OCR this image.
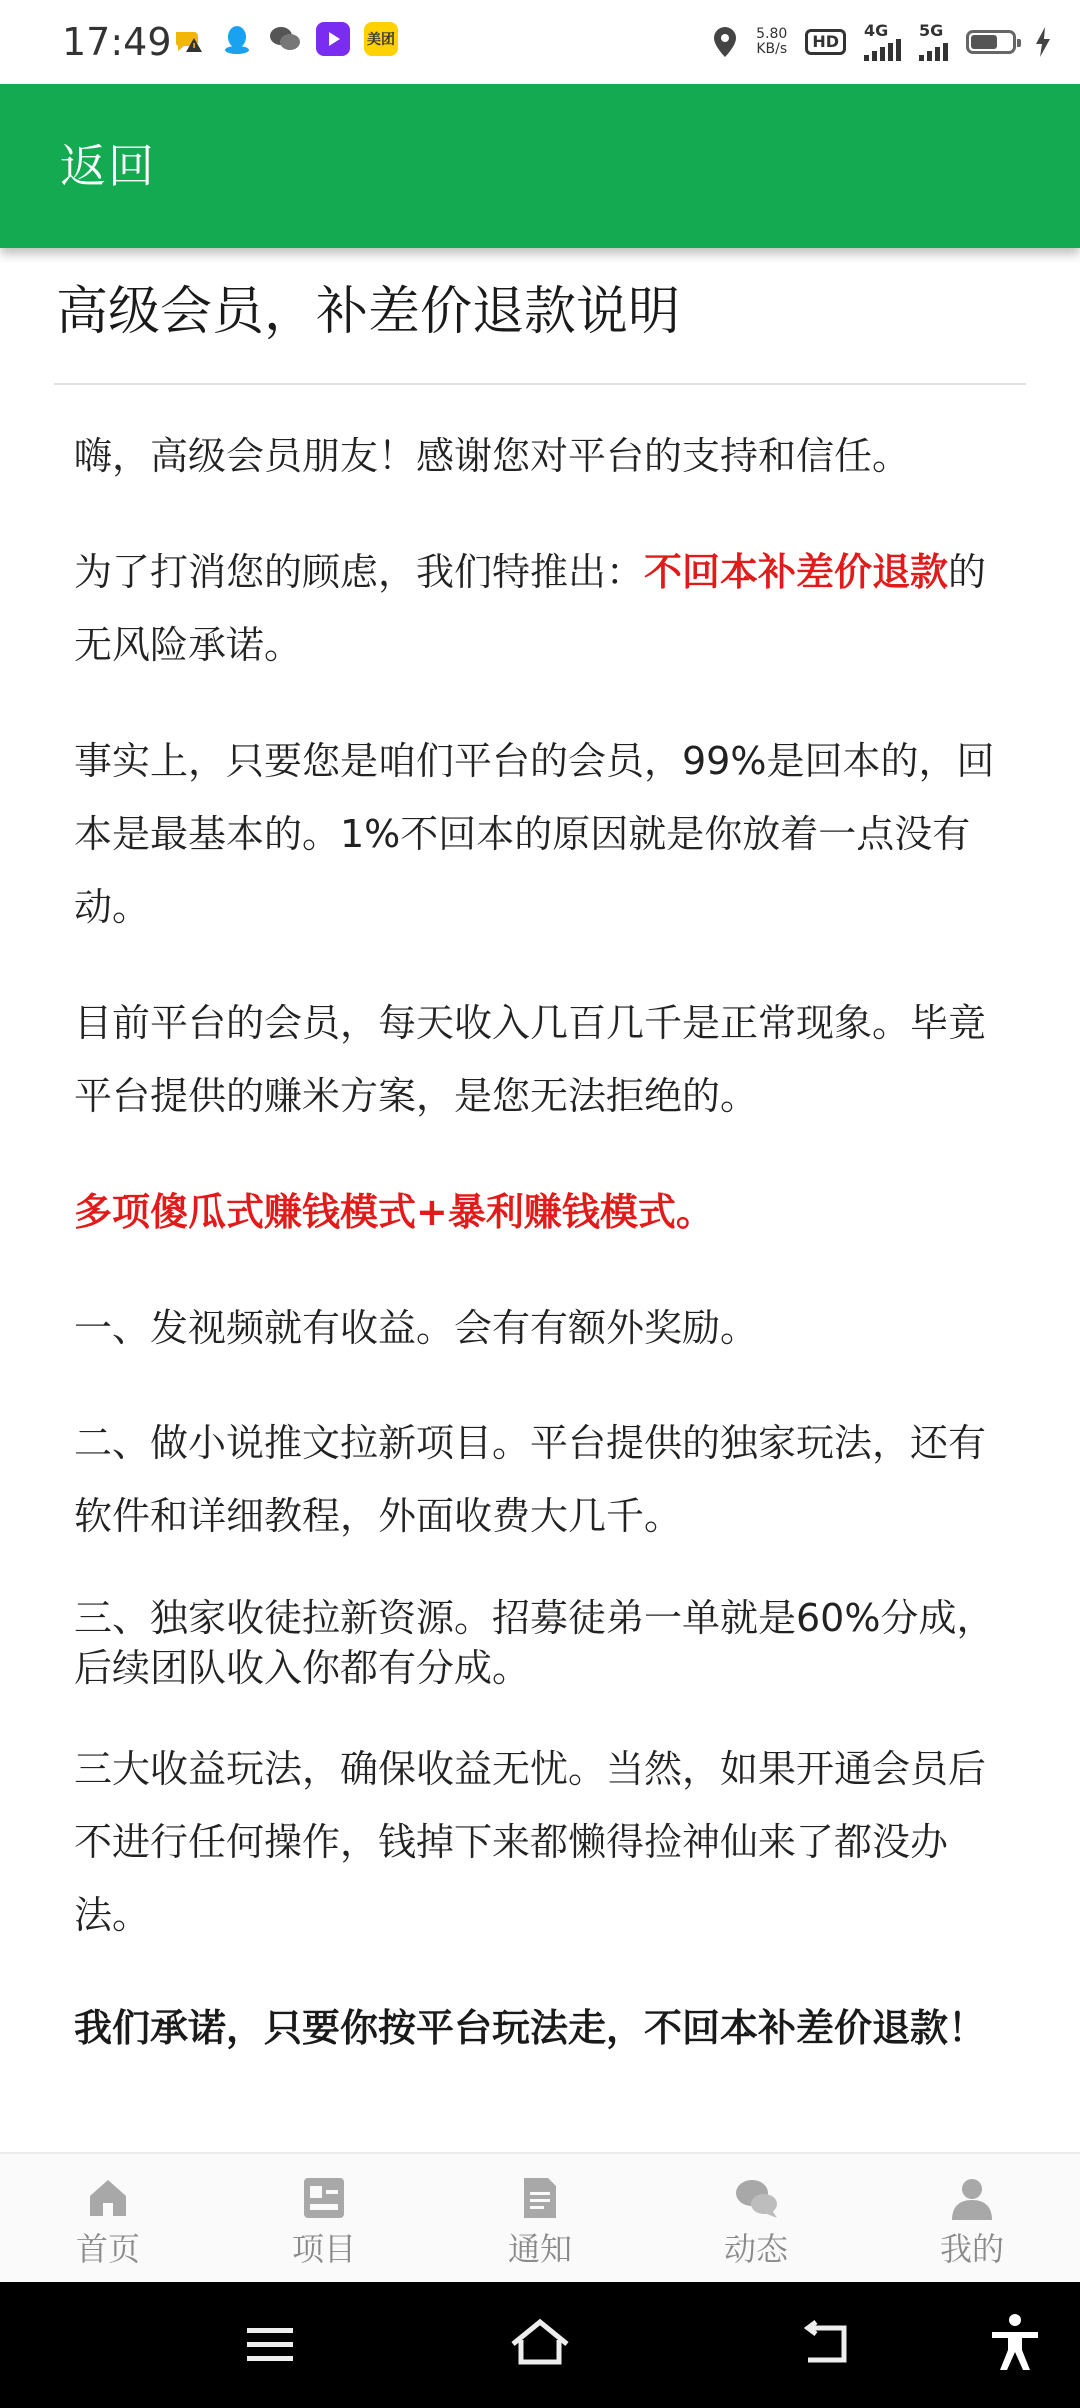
17:49	美团	5.80
KB/s	HD
4G 5G
返回
高级会员，补差价退款说明

嗨，高级会员朋友！感谢您对平台的支持和信任。

为了打消您的顾虑，我们特推出：不回本补差价退款的无风险承诺。

事实上，只要您是咱们平台的会员，99%是回本的，回本是最基本的。1%不回本的原因就是你放着一点没有动。

目前平台的会员，每天收入几百几千是正常现象。毕竟平台提供的赚米方案，是您无法拒绝的。

多项傻瓜式赚钱模式+暴利赚钱模式。

一、发视频就有收益。会有有额外奖励。

二、做小说推文拉新项目。平台提供的独家玩法，还有软件和详细教程，外面收费大几千。

三、独家收徒拉新资源。招募徒弟一单就是60%分成，后续团队收入你都有分成。

三大收益玩法，确保收益无忧。当然，如果开通会员后不进行任何操作，钱掉下来都懒得捡神仙来了都没办法。

我们承诺，只要你按平台玩法走，不回本补差价退款！

首页	项目	通知	动态	我的
